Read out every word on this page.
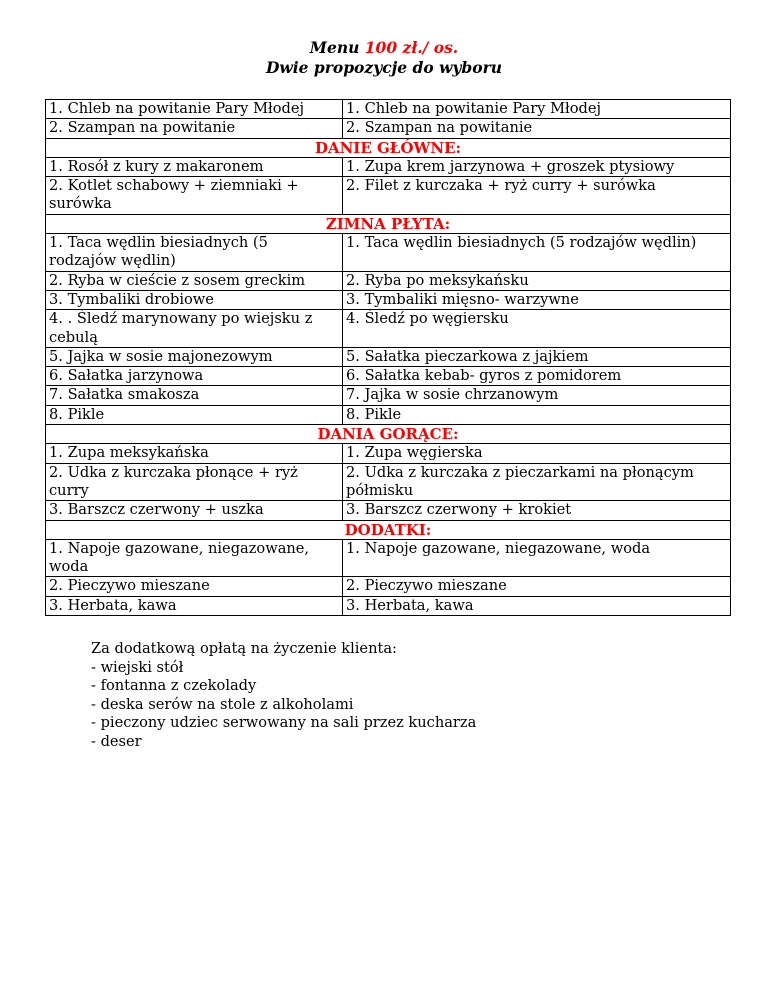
Menu 100 zł./ os.
Dwie propozycje do wyboru
1. Chleb na powitanie Pary Młodej	1. Chleb na powitanie Pary Młodej
2. Szampan na powitanie	2. Szampan na powitanie
DANIE GŁÓWNE:	
1. Rosół z kury z makaronem	1. Zupa krem jarzynowa + groszek ptysiowy
2. Kotlet schabowy + ziemniaki + surówka	2. Filet z kurczaka + ryż curry + surówka
ZIMNA PŁYTA:	
1. Taca wędlin biesiadnych (5 rodzajów wędlin)	1. Taca wędlin biesiadnych (5 rodzajów wędlin)
2. Ryba w cieście z sosem greckim	2. Ryba po meksykańsku
3. Tymbaliki drobiowe	3. Tymbaliki mięsno- warzywne
4. . Śledź marynowany po wiejsku z cebulą	4. Śledź po węgiersku
5. Jajka w sosie majonezowym	5. Sałatka pieczarkowa z jajkiem
6. Sałatka jarzynowa	6. Sałatka kebab- gyros z pomidorem
7. Sałatka smakosza	7. Jajka w sosie chrzanowym
8. Pikle	8. Pikle
DANIA GORĄCE:	
1. Zupa meksykańska	1. Zupa węgierska
2. Udka z kurczaka płonące + ryż curry	2. Udka z kurczaka z pieczarkami na płonącym półmisku
3. Barszcz czerwony + uszka	3. Barszcz czerwony + krokiet
DODATKI:	
1. Napoje gazowane, niegazowane, woda	1. Napoje gazowane, niegazowane, woda
2. Pieczywo mieszane	2. Pieczywo mieszane
3. Herbata, kawa	3. Herbata, kawa
Za dodatkową opłatą na życzenie klienta:
- wiejski stół
- fontanna z czekolady
- deska serów na stole z alkoholami
- pieczony udziec serwowany na sali przez kucharza
- deser
